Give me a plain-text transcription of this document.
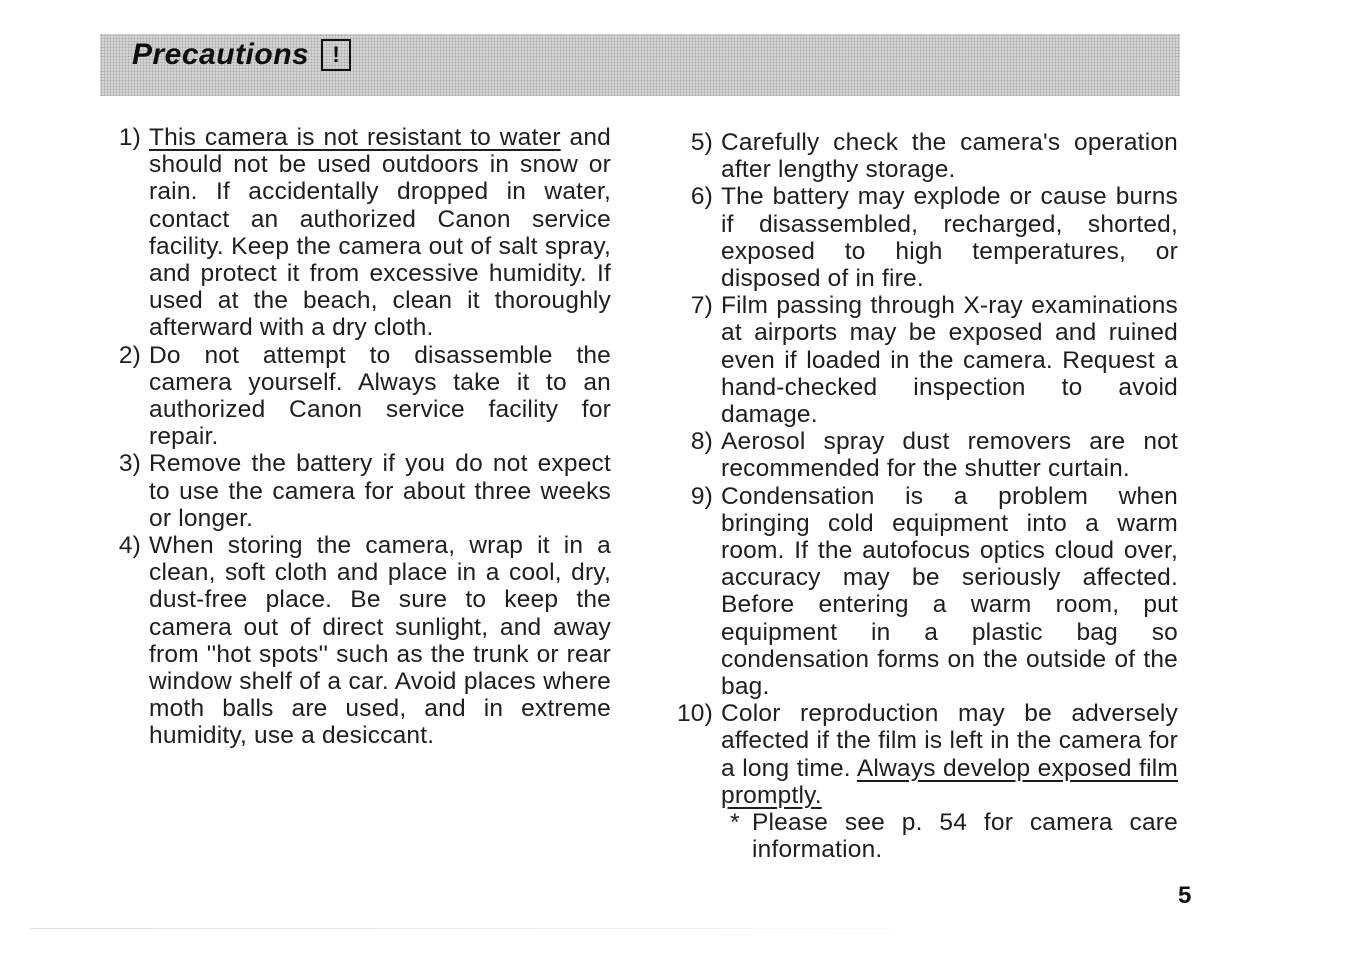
Precautions	!
1) This camera is not resistant to water and should not be used outdoors in snow or rain. If accidentally dropped in water, contact an authorized Canon service facility. Keep the camera out of salt spray, and protect it from excessive humidity. If used at the beach, clean it thoroughly afterward with a dry cloth.
2) Do not attempt to disassemble the camera yourself. Always take it to an authorized Canon service facility for repair.
3) Remove the battery if you do not expect to use the camera for about three weeks or longer.
4) When storing the camera, wrap it in a clean, soft cloth and place in a cool, dry, dust-free place. Be sure to keep the camera out of direct sunlight, and away from ''hot spots'' such as the trunk or rear window shelf of a car. Avoid places where moth balls are used, and in extreme humidity, use a desiccant.
5) Carefully check the camera's operation after lengthy storage.
6) The battery may explode or cause burns if disassembled, recharged, shorted, exposed to high temperatures, or disposed of in fire.
7) Film passing through X-ray examinations at airports may be exposed and ruined even if loaded in the camera. Request a hand-checked inspection to avoid damage.
8) Aerosol spray dust removers are not recommended for the shutter curtain.
9) Condensation is a problem when bringing cold equipment into a warm room. If the autofocus optics cloud over, accuracy may be seriously affected. Before entering a warm room, put equipment in a plastic bag so condensation forms on the outside of the bag.
10) Color reproduction may be adversely affected if the film is left in the camera for a long time. Always develop exposed film promptly.
* Please see p. 54 for camera care information.
5
